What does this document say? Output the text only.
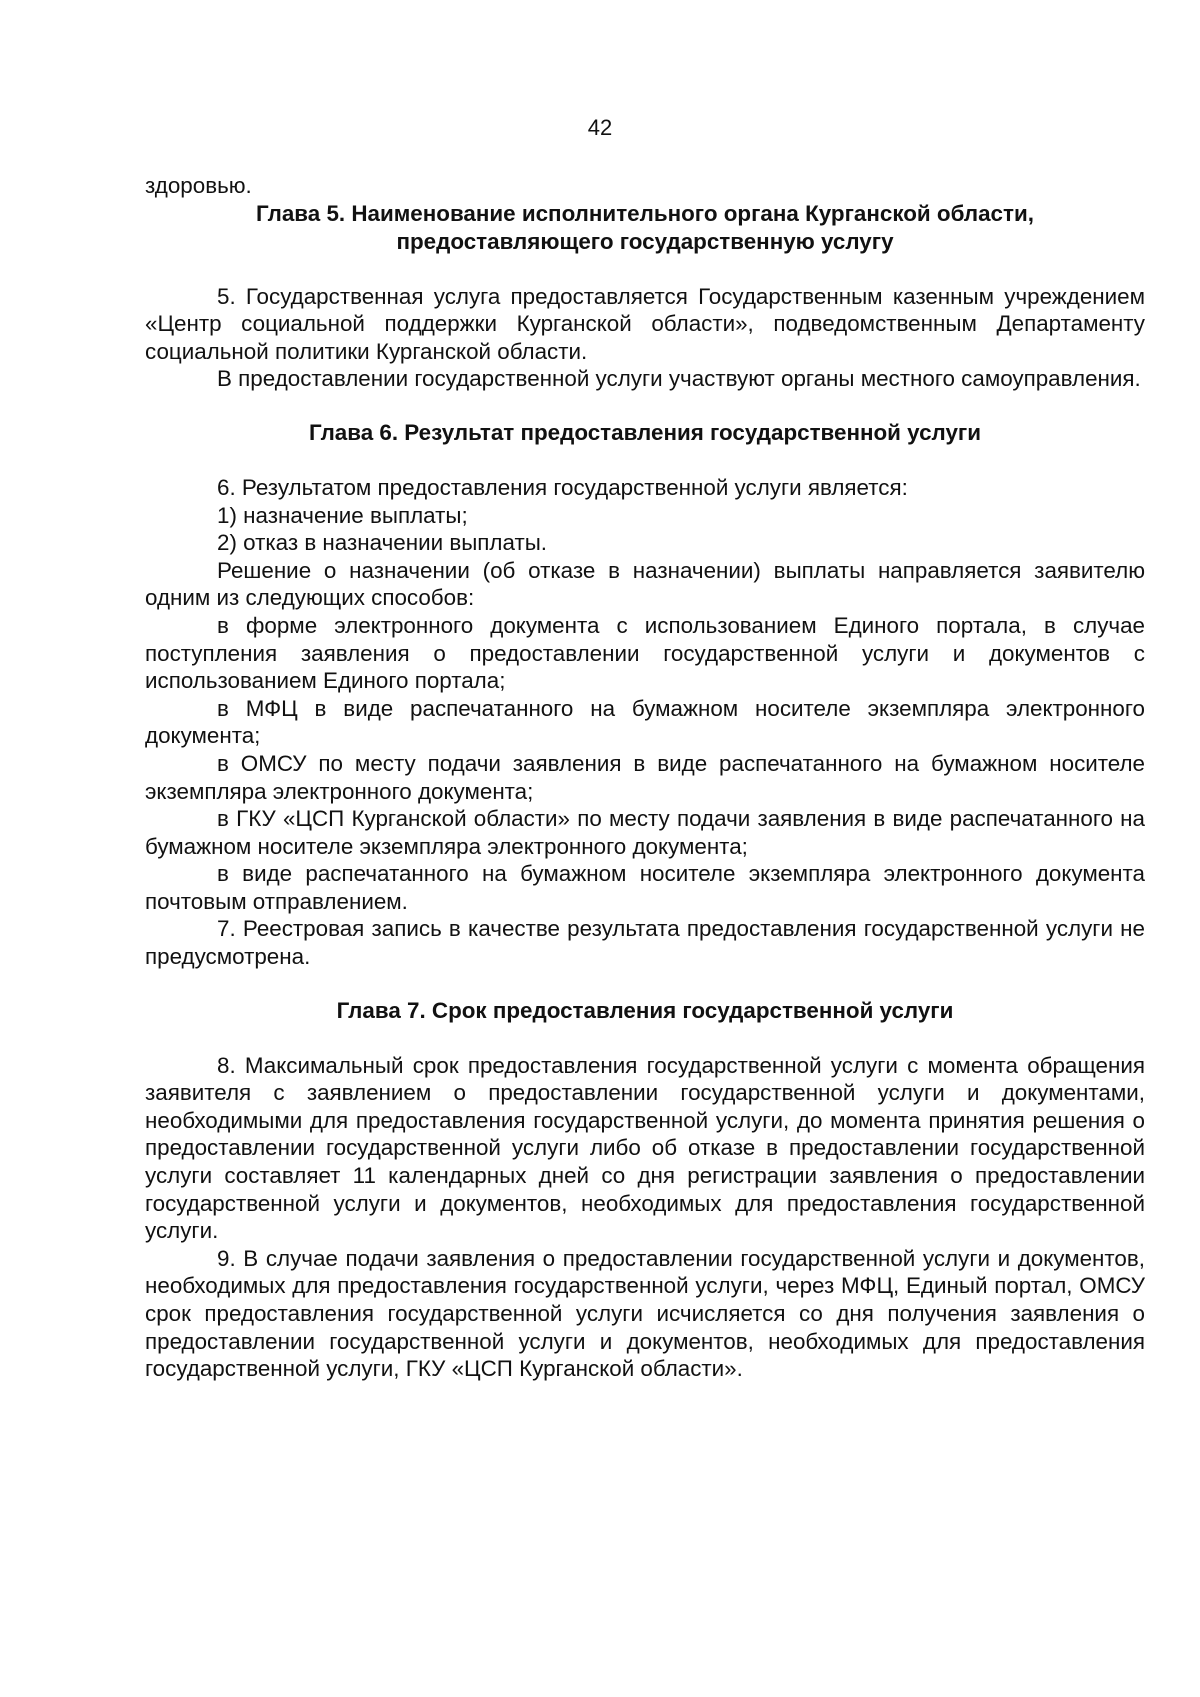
42

здоровью.

Глава 5. Наименование исполнительного органа Курганской области,
предоставляющего государственную услугу

5. Государственная услуга предоставляется Государственным казенным учреждением «Центр социальной поддержки Курганской области», подведомственным Департаменту социальной политики Курганской области.

В предоставлении государственной услуги участвуют органы местного самоуправления.

Глава 6. Результат предоставления государственной услуги

6. Результатом предоставления государственной услуги является:

1) назначение выплаты;

2) отказ в назначении выплаты.

Решение о назначении (об отказе в назначении) выплаты направляется заявителю одним из следующих способов:

в форме электронного документа с использованием Единого портала, в случае поступления заявления о предоставлении государственной услуги и документов с использованием Единого портала;

в МФЦ в виде распечатанного на бумажном носителе экземпляра электронного документа;

в ОМСУ по месту подачи заявления в виде распечатанного на бумажном носителе экземпляра электронного документа;

в ГКУ «ЦСП Курганской области» по месту подачи заявления в виде распечатанного на бумажном носителе экземпляра электронного документа;

в виде распечатанного на бумажном носителе экземпляра электронного документа почтовым отправлением.

7. Реестровая запись в качестве результата предоставления государственной услуги не предусмотрена.

Глава 7. Срок предоставления государственной услуги

8. Максимальный срок предоставления государственной услуги с момента обращения заявителя с заявлением о предоставлении государственной услуги и документами, необходимыми для предоставления государственной услуги, до момента принятия решения о предоставлении государственной услуги либо об отказе в предоставлении государственной услуги составляет 11 календарных дней со дня регистрации заявления о предоставлении государственной услуги и документов, необходимых для предоставления государственной услуги.

9. В случае подачи заявления о предоставлении государственной услуги и документов, необходимых для предоставления государственной услуги, через МФЦ, Единый портал, ОМСУ срок предоставления государственной услуги исчисляется со дня получения заявления о предоставлении государственной услуги и документов, необходимых для предоставления государственной услуги, ГКУ «ЦСП Курганской области».
